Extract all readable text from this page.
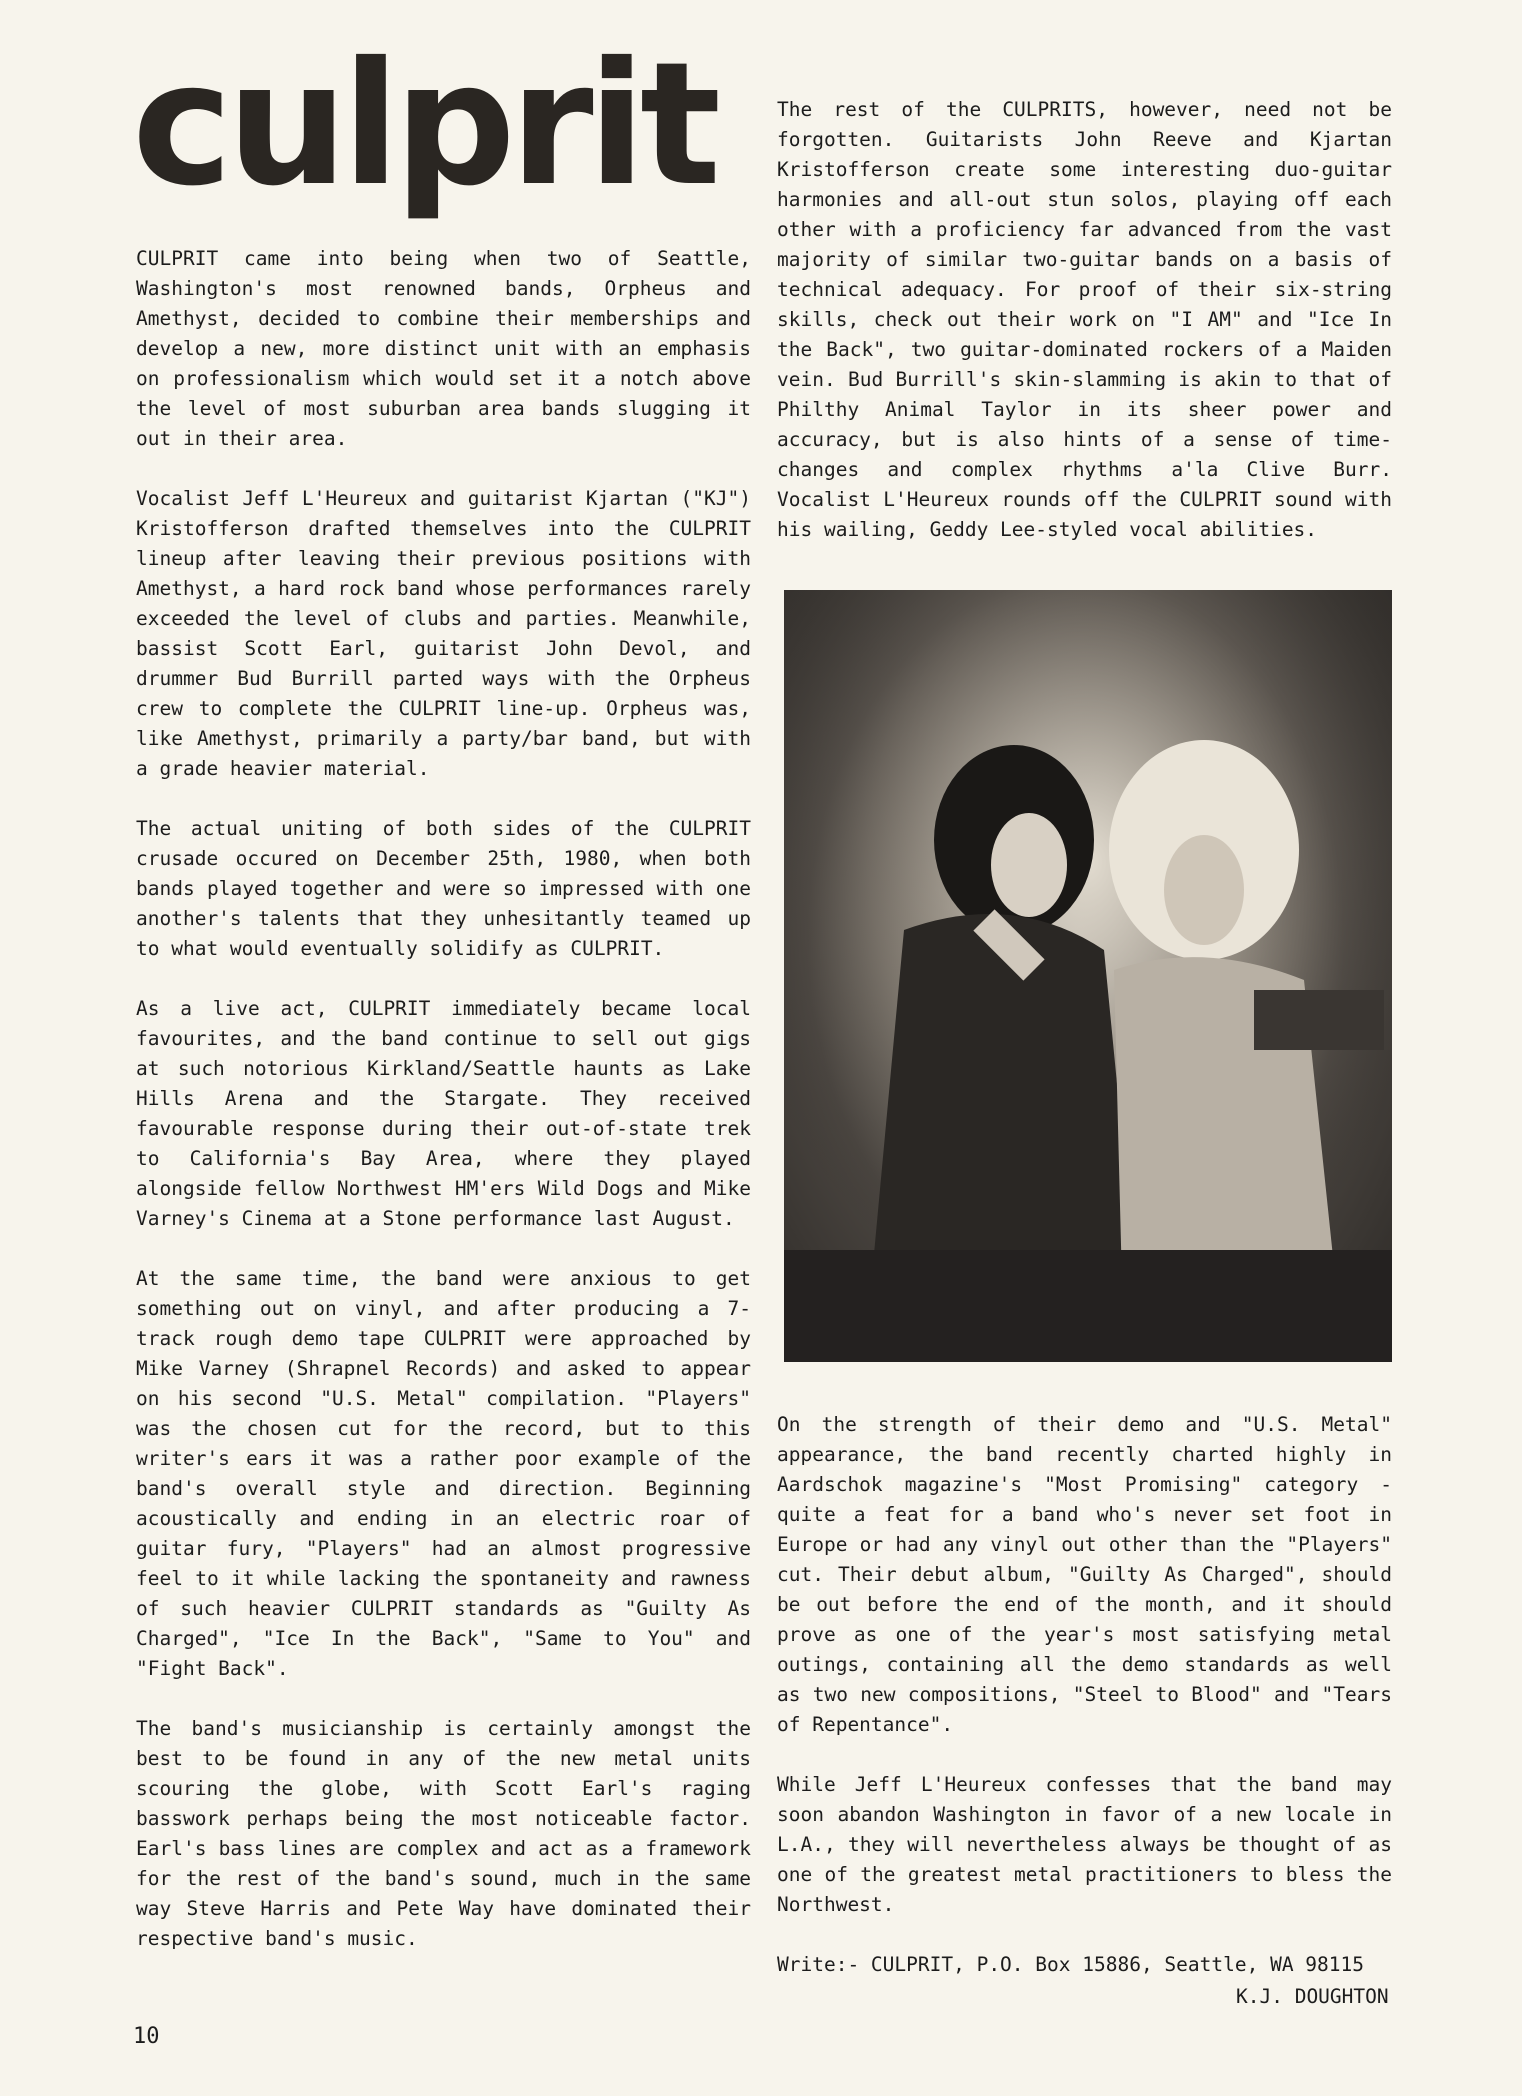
culprit

CULPRIT came into being when two of Seattle, Washington's most renowned bands, Orpheus and Amethyst, decided to combine their memberships and develop a new, more distinct unit with an emphasis on professionalism which would set it a notch above the level of most suburban area bands slugging it out in their area.

Vocalist Jeff L'Heureux and guitarist Kjartan ("KJ") Kristofferson drafted themselves into the CULPRIT lineup after leaving their previous positions with Amethyst, a hard rock band whose performances rarely exceeded the level of clubs and parties. Meanwhile, bassist Scott Earl, guitarist John Devol, and drummer Bud Burrill parted ways with the Orpheus crew to complete the CULPRIT line-up. Orpheus was, like Amethyst, primarily a party/bar band, but with a grade heavier material.

The actual uniting of both sides of the CULPRIT crusade occured on December 25th, 1980, when both bands played together and were so impressed with one another's talents that they unhesitantly teamed up to what would eventually solidify as CULPRIT.

As a live act, CULPRIT immediately became local favourites, and the band continue to sell out gigs at such notorious Kirkland/Seattle haunts as Lake Hills Arena and the Stargate. They received favourable response during their out-of-state trek to California's Bay Area, where they played alongside fellow Northwest HM'ers Wild Dogs and Mike Varney's Cinema at a Stone performance last August.

At the same time, the band were anxious to get something out on vinyl, and after producing a 7-track rough demo tape CULPRIT were approached by Mike Varney (Shrapnel Records) and asked to appear on his second "U.S. Metal" compilation. "Players" was the chosen cut for the record, but to this writer's ears it was a rather poor example of the band's overall style and direction. Beginning acoustically and ending in an electric roar of guitar fury, "Players" had an almost progressive feel to it while lacking the spontaneity and rawness of such heavier CULPRIT standards as "Guilty As Charged", "Ice In the Back", "Same to You" and "Fight Back".

The band's musicianship is certainly amongst the best to be found in any of the new metal units scouring the globe, with Scott Earl's raging basswork perhaps being the most noticeable factor. Earl's bass lines are complex and act as a framework for the rest of the band's sound, much in the same way Steve Harris and Pete Way have dominated their respective band's music.

The rest of the CULPRITS, however, need not be forgotten. Guitarists John Reeve and Kjartan Kristofferson create some interesting duo-guitar harmonies and all-out stun solos, playing off each other with a proficiency far advanced from the vast majority of similar two-guitar bands on a basis of technical adequacy. For proof of their six-string skills, check out their work on "I AM" and "Ice In the Back", two guitar-dominated rockers of a Maiden vein. Bud Burrill's skin-slamming is akin to that of Philthy Animal Taylor in its sheer power and accuracy, but is also hints of a sense of time-changes and complex rhythms a'la Clive Burr. Vocalist L'Heureux rounds off the CULPRIT sound with his wailing, Geddy Lee-styled vocal abilities.

On the strength of their demo and "U.S. Metal" appearance, the band recently charted highly in Aardschok magazine's "Most Promising" category - quite a feat for a band who's never set foot in Europe or had any vinyl out other than the "Players" cut. Their debut album, "Guilty As Charged", should be out before the end of the month, and it should prove as one of the year's most satisfying metal outings, containing all the demo standards as well as two new compositions, "Steel to Blood" and "Tears of Repentance".

While Jeff L'Heureux confesses that the band may soon abandon Washington in favor of a new locale in L.A., they will nevertheless always be thought of as one of the greatest metal practitioners to bless the Northwest.

Write:- CULPRIT, P.O. Box 15886, Seattle, WA 98115
K.J. DOUGHTON
10
